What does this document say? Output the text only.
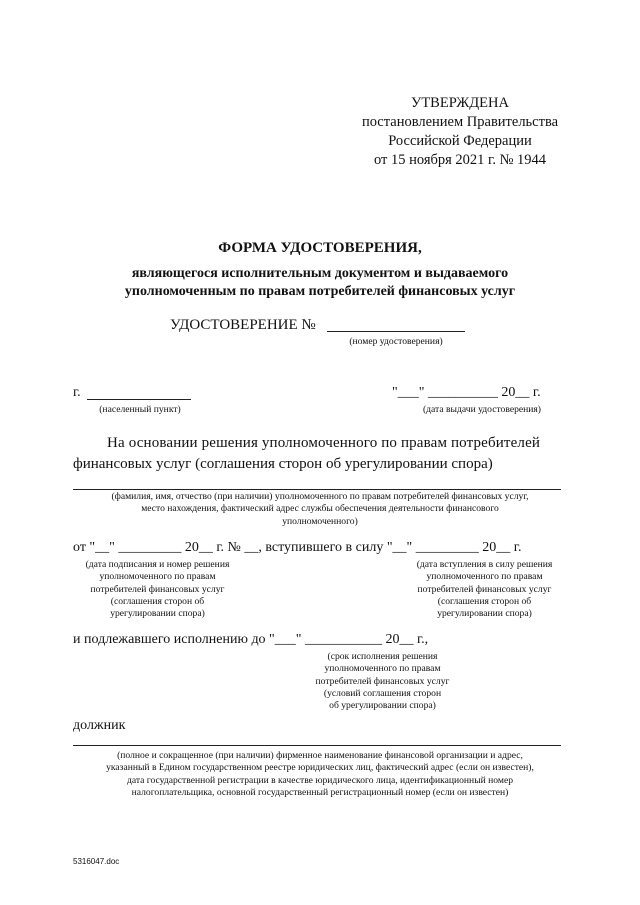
УТВЕРЖДЕНА
постановлением Правительства
Российской Федерации
от 15 ноября 2021 г. № 1944
ФОРМА УДОСТОВЕРЕНИЯ,
являющегося исполнительным документом и выдаваемого
уполномоченным по правам потребителей финансовых услуг
УДОСТОВЕРЕНИЕ №
(номер удостоверения)
г.
(населенный пункт)
"___" __________ 20__ г.
(дата выдачи удостоверения)
На основании решения уполномоченного по правам потребителей
финансовых услуг (соглашения сторон об урегулировании спора)
(фамилия, имя, отчество (при наличии) уполномоченного по правам потребителей финансовых услуг,
место нахождения, фактический адрес службы обеспечения деятельности финансового
уполномоченного)
от "__" _________ 20__ г. № __, вступившего в силу "__" _________ 20__ г.
(дата подписания и номер решения
уполномоченного по правам
потребителей финансовых услуг
(соглашения сторон об
урегулировании спора)
(дата вступления в силу решения
уполномоченного по правам
потребителей финансовых услуг
(соглашения сторон об
урегулировании спора)
и подлежавшего исполнению до "___" ___________ 20__ г.,
(срок исполнения решения
уполномоченного по правам
потребителей финансовых услуг
(условий соглашения сторон
об урегулировании спора)
должник
(полное и сокращенное (при наличии) фирменное наименование финансовой организации и адрес,
указанный в Едином государственном реестре юридических лиц, фактический адрес (если он известен),
дата государственной регистрации в качестве юридического лица, идентификационный номер
налогоплательщика, основной государственный регистрационный номер (если он известен)
5316047.doc
